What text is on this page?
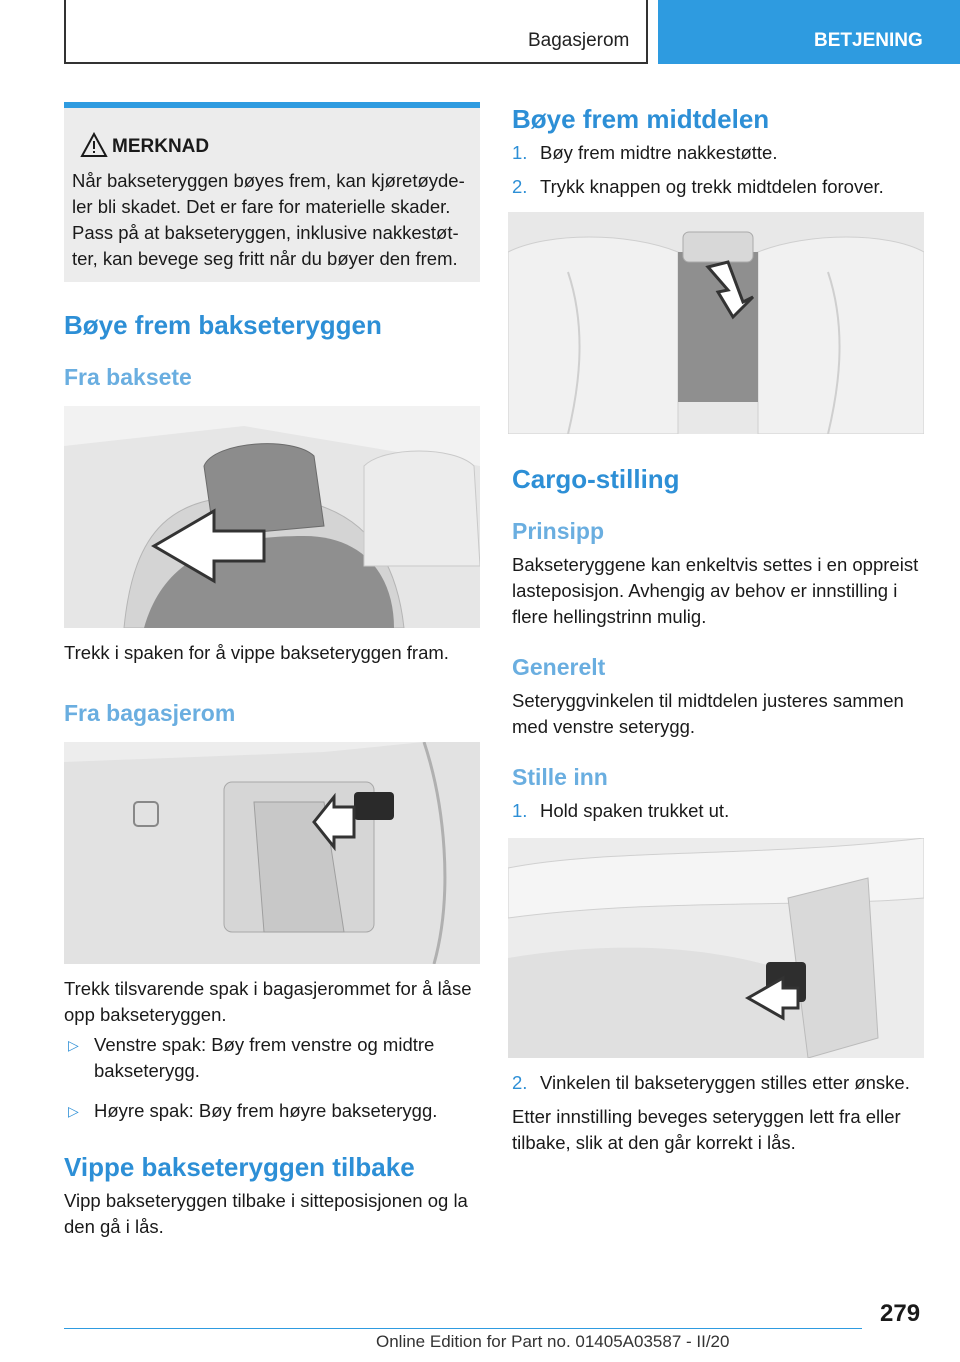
Bagasjerom	BETJENING
MERKNAD
Når bakseteryggen bøyes frem, kan kjøretøydeler bli skadet. Det er fare for materielle skader. Pass på at bakseteryggen, inklusive nakkestøtter, kan bevege seg fritt når du bøyer den frem.
Bøye frem bakseteryggen
Fra baksete
Trekk i spaken for å vippe bakseteryggen fram.
Fra bagasjerom
Trekk tilsvarende spak i bagasjerommet for å låse opp bakseteryggen.
▷ Venstre spak: Bøy frem venstre og midtre bakseterygg.
▷ Høyre spak: Bøy frem høyre bakseterygg.
Vippe bakseteryggen tilbake
Vipp bakseteryggen tilbake i sitteposisjonen og la den gå i lås.
Bøye frem midtdelen
1. Bøy frem midtre nakkestøtte.
2. Trykk knappen og trekk midtdelen forover.
Cargo-stilling
Prinsipp
Bakseteryggene kan enkeltvis settes i en oppreist lasteposisjon. Avhengig av behov er innstilling i flere hellingstrinn mulig.
Generelt
Seteryggvinkelen til midtdelen justeres sammen med venstre seterygg.
Stille inn
1. Hold spaken trukket ut.
2. Vinkelen til bakseteryggen stilles etter ønske.
Etter innstilling beveges seteryggen lett fra eller tilbake, slik at den går korrekt i lås.
279
Online Edition for Part no. 01405A03587 - II/20
